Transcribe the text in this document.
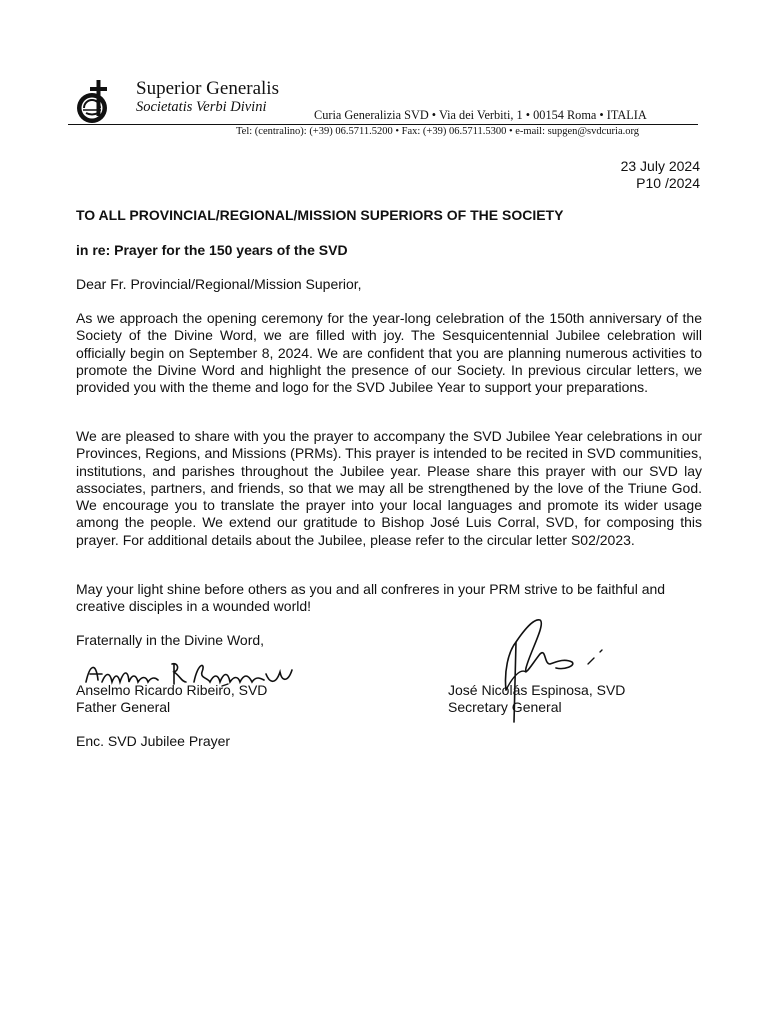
Superior Generalis
Societatis Verbi Divini	Curia Generalizia SVD • Via dei Verbiti, 1 • 00154 Roma • ITALIA
Tel: (centralino): (+39) 06.5711.5200 • Fax: (+39) 06.5711.5300 • e-mail: supgen@svdcuria.org
23 July 2024
P10 /2024
TO ALL PROVINCIAL/REGIONAL/MISSION SUPERIORS OF THE SOCIETY
in re: Prayer for the 150 years of the SVD
Dear Fr. Provincial/Regional/Mission Superior,

As we approach the opening ceremony for the year-long celebration of the 150th anniversary of the Society of the Divine Word, we are filled with joy. The Sesquicentennial Jubilee celebration will officially begin on September 8, 2024. We are confident that you are planning numerous activities to promote the Divine Word and highlight the presence of our Society. In previous circular letters, we provided you with the theme and logo for the SVD Jubilee Year to support your preparations.

We are pleased to share with you the prayer to accompany the SVD Jubilee Year celebrations in our Provinces, Regions, and Missions (PRMs). This prayer is intended to be recited in SVD communities, institutions, and parishes throughout the Jubilee year. Please share this prayer with our SVD lay associates, partners, and friends, so that we may all be strengthened by the love of the Triune God. We encourage you to translate the prayer into your local languages and promote its wider usage among the people. We extend our gratitude to Bishop José Luis Corral, SVD, for composing this prayer. For additional details about the Jubilee, please refer to the circular letter S02/2023.

May your light shine before others as you and all confreres in your PRM strive to be faithful and creative disciples in a wounded world!

Fraternally in the Divine Word,
Anselmo Ricardo Ribeiro, SVD
Father General
José Nicolás Espinosa, SVD
Secretary General
Enc. SVD Jubilee Prayer
